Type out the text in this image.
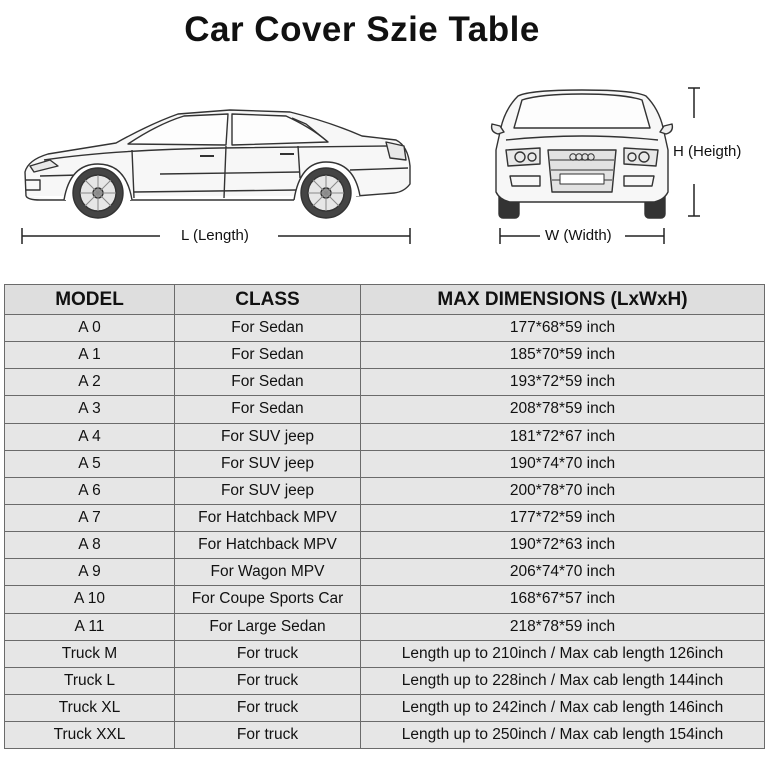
Car Cover Szie Table
L (Length)	W (Width)
H (Heigth)
MODEL	CLASS	MAX DIMENSIONS (LxWxH)
A 0	For Sedan	177*68*59 inch
A 1	For Sedan	185*70*59 inch
A 2	For Sedan	193*72*59 inch
A 3	For Sedan	208*78*59 inch
A 4	For SUV jeep	181*72*67 inch
A 5	For SUV jeep	190*74*70 inch
A 6	For SUV jeep	200*78*70 inch
A 7	For Hatchback MPV	177*72*59 inch
A 8	For Hatchback MPV	190*72*63 inch
A 9	For Wagon MPV	206*74*70 inch
A 10	For Coupe Sports Car	168*67*57 inch
A 11	For Large Sedan	218*78*59 inch
Truck M	For truck	Length up to 210inch / Max cab length 126inch
Truck L	For truck	Length up to 228inch / Max cab length 144inch
Truck XL	For truck	Length up to 242inch / Max cab length 146inch
Truck XXL	For truck	Length up to 250inch / Max cab length 154inch
